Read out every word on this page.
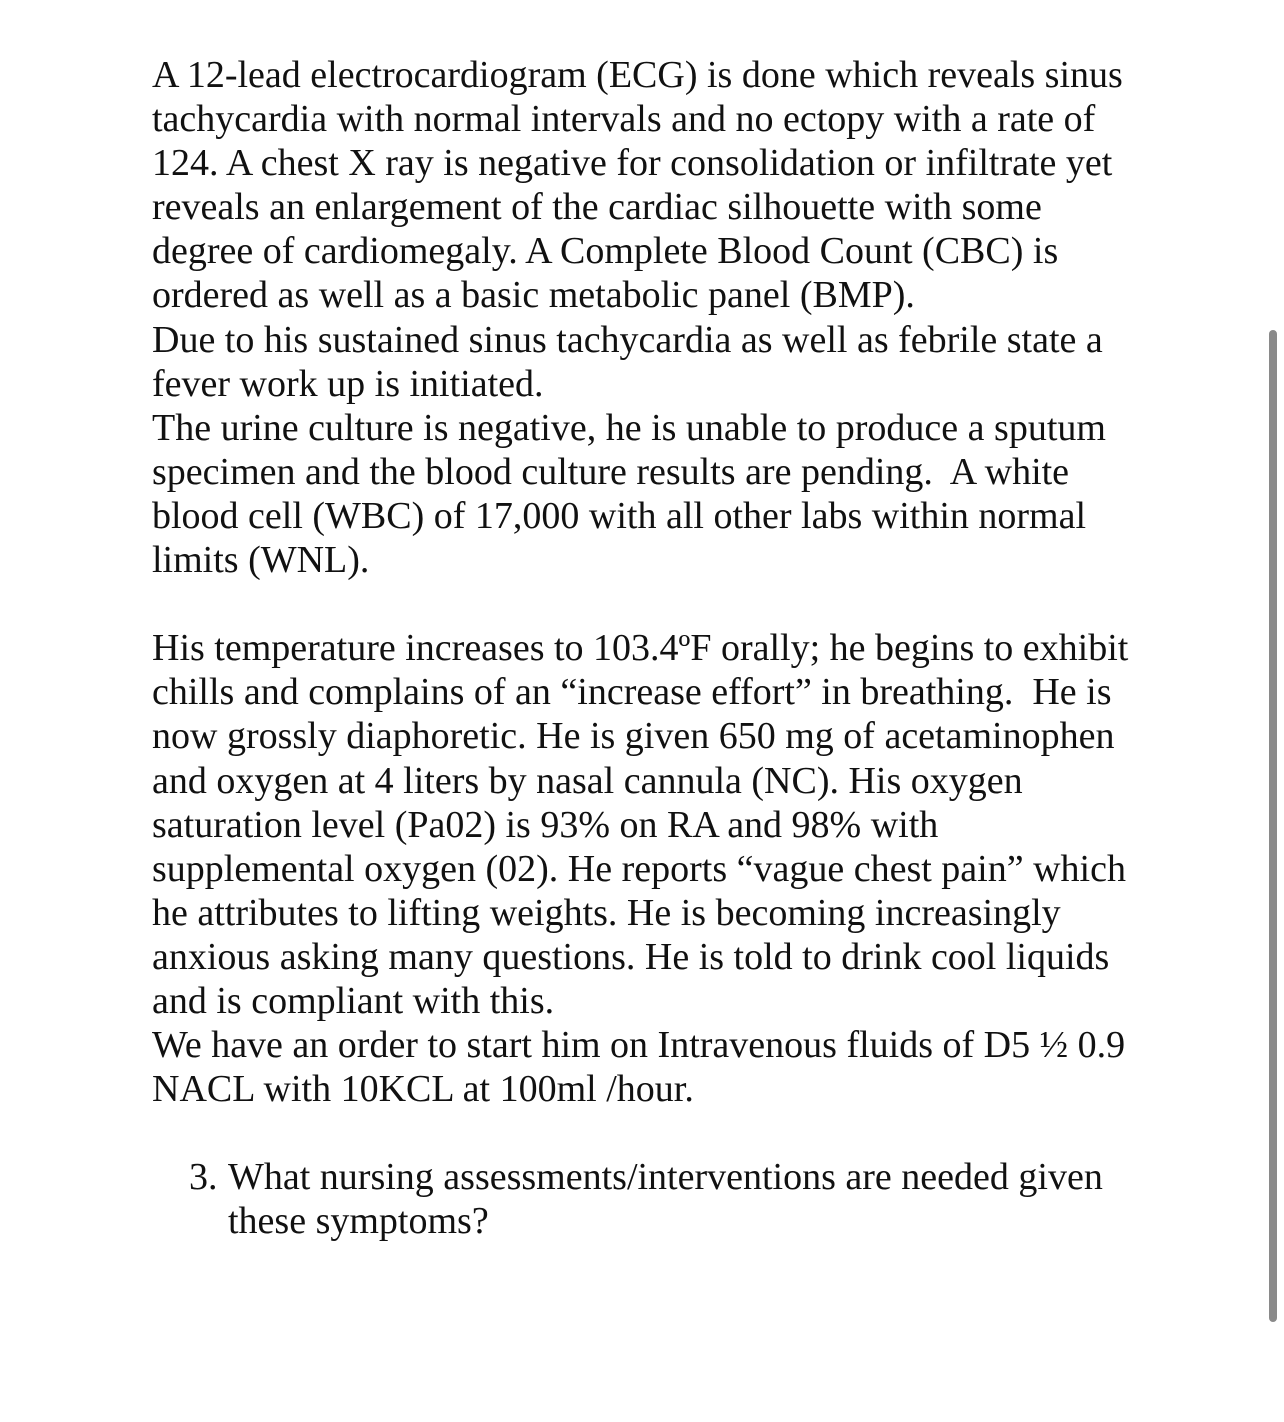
A 12-lead electrocardiogram (ECG) is done which reveals sinus
tachycardia with normal intervals and no ectopy with a rate of
124. A chest X ray is negative for consolidation or infiltrate yet
reveals an enlargement of the cardiac silhouette with some
degree of cardiomegaly. A Complete Blood Count (CBC) is
ordered as well as a basic metabolic panel (BMP).
Due to his sustained sinus tachycardia as well as febrile state a
fever work up is initiated.
The urine culture is negative, he is unable to produce a sputum
specimen and the blood culture results are pending.  A white
blood cell (WBC) of 17,000 with all other labs within normal
limits (WNL).
His temperature increases to 103.4ºF orally; he begins to exhibit
chills and complains of an “increase effort” in breathing.  He is
now grossly diaphoretic. He is given 650 mg of acetaminophen
and oxygen at 4 liters by nasal cannula (NC). His oxygen
saturation level (Pa02) is 93% on RA and 98% with
supplemental oxygen (02). He reports “vague chest pain” which
he attributes to lifting weights. He is becoming increasingly
anxious asking many questions. He is told to drink cool liquids
and is compliant with this.
We have an order to start him on Intravenous fluids of D5 ½ 0.9
NACL with 10KCL at 100ml /hour.
3. What nursing assessments/interventions are needed given
these symptoms?
